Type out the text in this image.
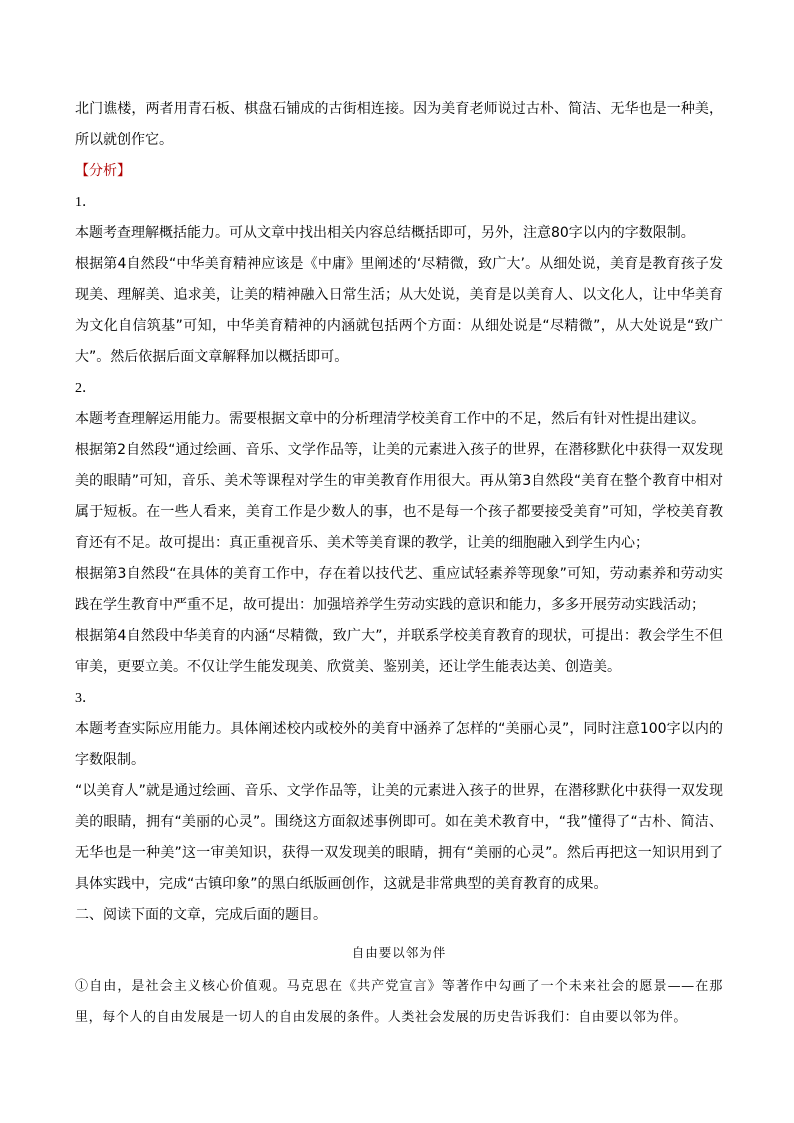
北门谯楼，两者用青石板、棋盘石铺成的古街相连接。因为美育老师说过古朴、简洁、无华也是一种美，所以就创作它。

【分析】

1．

本题考查理解概括能力。可从文章中找出相关内容总结概括即可，另外，注意80字以内的字数限制。

根据第4自然段“中华美育精神应该是《中庸》里阐述的‘尽精微，致广大’。从细处说，美育是教育孩子发现美、理解美、追求美，让美的精神融入日常生活；从大处说，美育是以美育人、以文化人，让中华美育为文化自信筑基”可知，中华美育精神的内涵就包括两个方面：从细处说是“尽精微”，从大处说是“致广大”。然后依据后面文章解释加以概括即可。

2．

本题考查理解运用能力。需要根据文章中的分析理清学校美育工作中的不足，然后有针对性提出建议。

根据第2自然段“通过绘画、音乐、文学作品等，让美的元素进入孩子的世界，在潜移默化中获得一双发现美的眼睛”可知，音乐、美术等课程对学生的审美教育作用很大。再从第3自然段“美育在整个教育中相对属于短板。在一些人看来，美育工作是少数人的事，也不是每一个孩子都要接受美育”可知，学校美育教育还有不足。故可提出：真正重视音乐、美术等美育课的教学，让美的细胞融入到学生内心；

根据第3自然段“在具体的美育工作中，存在着以技代艺、重应试轻素养等现象”可知，劳动素养和劳动实践在学生教育中严重不足，故可提出：加强培养学生劳动实践的意识和能力，多多开展劳动实践活动；

根据第4自然段中华美育的内涵“尽精微，致广大”，并联系学校美育教育的现状，可提出：教会学生不但审美，更要立美。不仅让学生能发现美、欣赏美、鉴别美，还让学生能表达美、创造美。

3．

本题考查实际应用能力。具体阐述校内或校外的美育中涵养了怎样的“美丽心灵”，同时注意100字以内的字数限制。

“以美育人”就是通过绘画、音乐、文学作品等，让美的元素进入孩子的世界，在潜移默化中获得一双发现美的眼睛，拥有“美丽的心灵”。围绕这方面叙述事例即可。如在美术教育中，“我”懂得了“古朴、简洁、无华也是一种美”这一审美知识，获得一双发现美的眼睛，拥有“美丽的心灵”。然后再把这一知识用到了具体实践中，完成“古镇印象”的黑白纸版画创作，这就是非常典型的美育教育的成果。

二、阅读下面的文章，完成后面的题目。

自由要以邻为伴

①自由，是社会主义核心价值观。马克思在《共产党宣言》等著作中勾画了一个未来社会的愿景——在那里，每个人的自由发展是一切人的自由发展的条件。人类社会发展的历史告诉我们：自由要以邻为伴。
